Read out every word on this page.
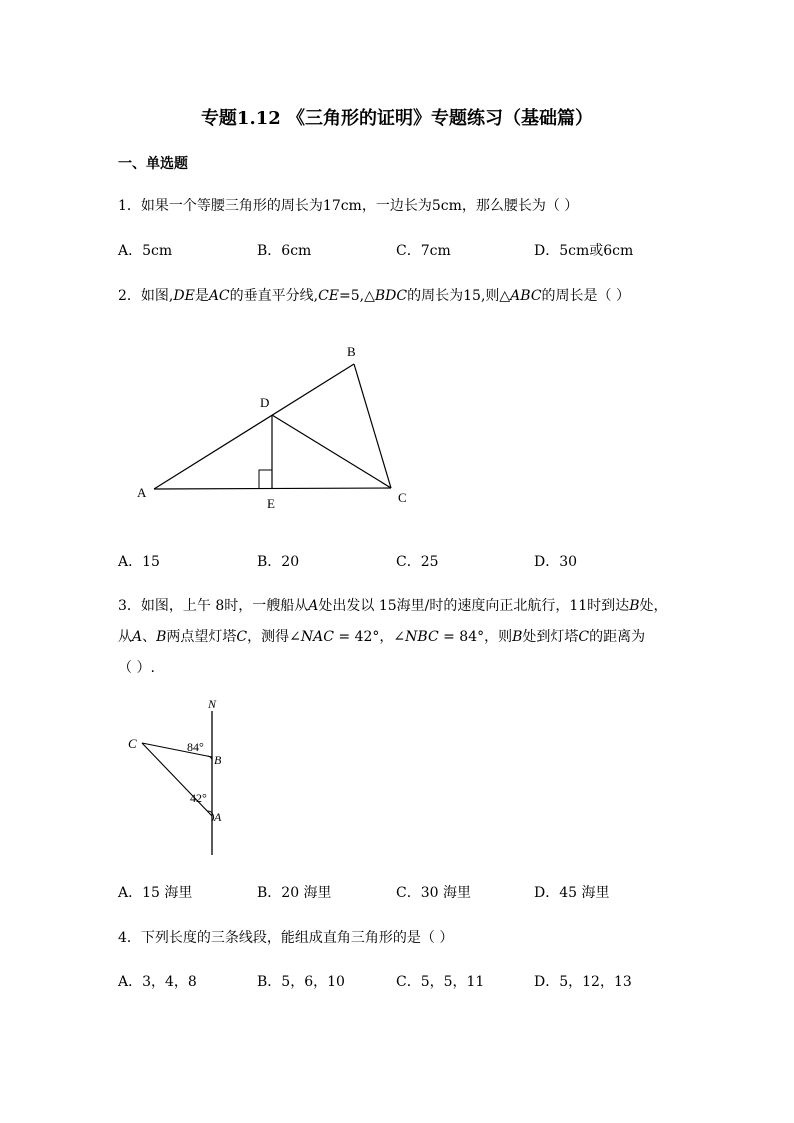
专题1.12 《三角形的证明》专题练习（基础篇）
一、单选题
1．如果一个等腰三角形的周长为17cm，一边长为5cm，那么腰长为（ ）
A．5cm	B．6cm	C．7cm	D．5cm或6cm
2．如图,DE是AC的垂直平分线,CE=5,△BDC的周长为15,则△ABC的周长是（ ）
A
B
C
D
E
A．15	B．20	C．25	D．30
3．如图，上午 8时，一艘船从A处出发以 15海里/时的速度向正北航行，11时到达B处，
从A、B两点望灯塔C，测得∠NAC = 42°，∠NBC = 84°，则B处到灯塔C的距离为
（ ）.
N
C
B
A
84°
42°
A．15 海里	B．20 海里	C．30 海里	D．45 海里
4．下列长度的三条线段，能组成直角三角形的是（ ）
A．3，4，8	B．5，6，10	C．5，5，11	D．5，12，13
